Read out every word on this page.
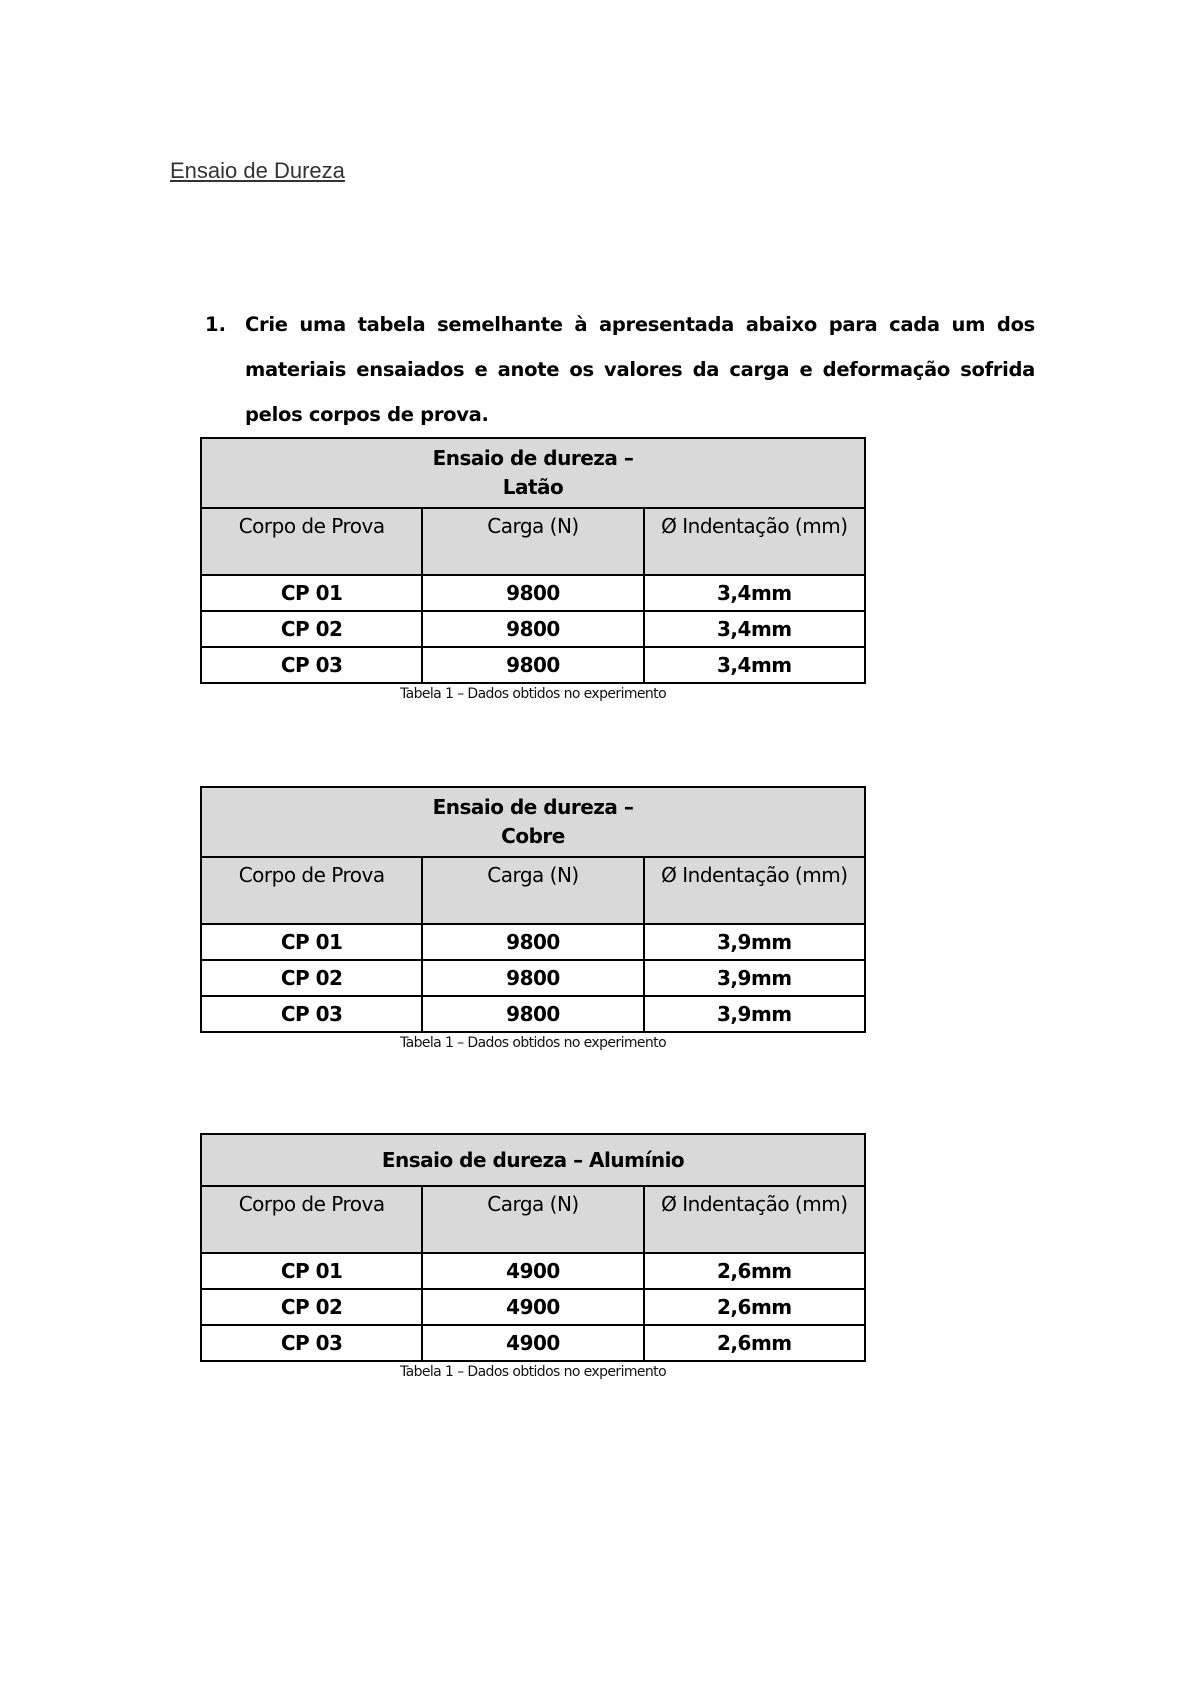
Ensaio de Dureza
1. Crie uma tabela semelhante à apresentada abaixo para cada um dos materiais ensaiados e anote os valores da carga e deformação sofrida pelos corpos de prova.
Ensaio de dureza –
Latão		
Corpo de Prova	Carga (N)	Ø Indentação (mm)
CP 01	9800	3,4mm
CP 02	9800	3,4mm
CP 03	9800	3,4mm
Tabela 1 – Dados obtidos no experimento
Ensaio de dureza –
Cobre		
Corpo de Prova	Carga (N)	Ø Indentação (mm)
CP 01	9800	3,9mm
CP 02	9800	3,9mm
CP 03	9800	3,9mm
Tabela 1 – Dados obtidos no experimento
Ensaio de dureza – Alumínio		
Corpo de Prova	Carga (N)	Ø Indentação (mm)
CP 01	4900	2,6mm
CP 02	4900	2,6mm
CP 03	4900	2,6mm
Tabela 1 – Dados obtidos no experimento
